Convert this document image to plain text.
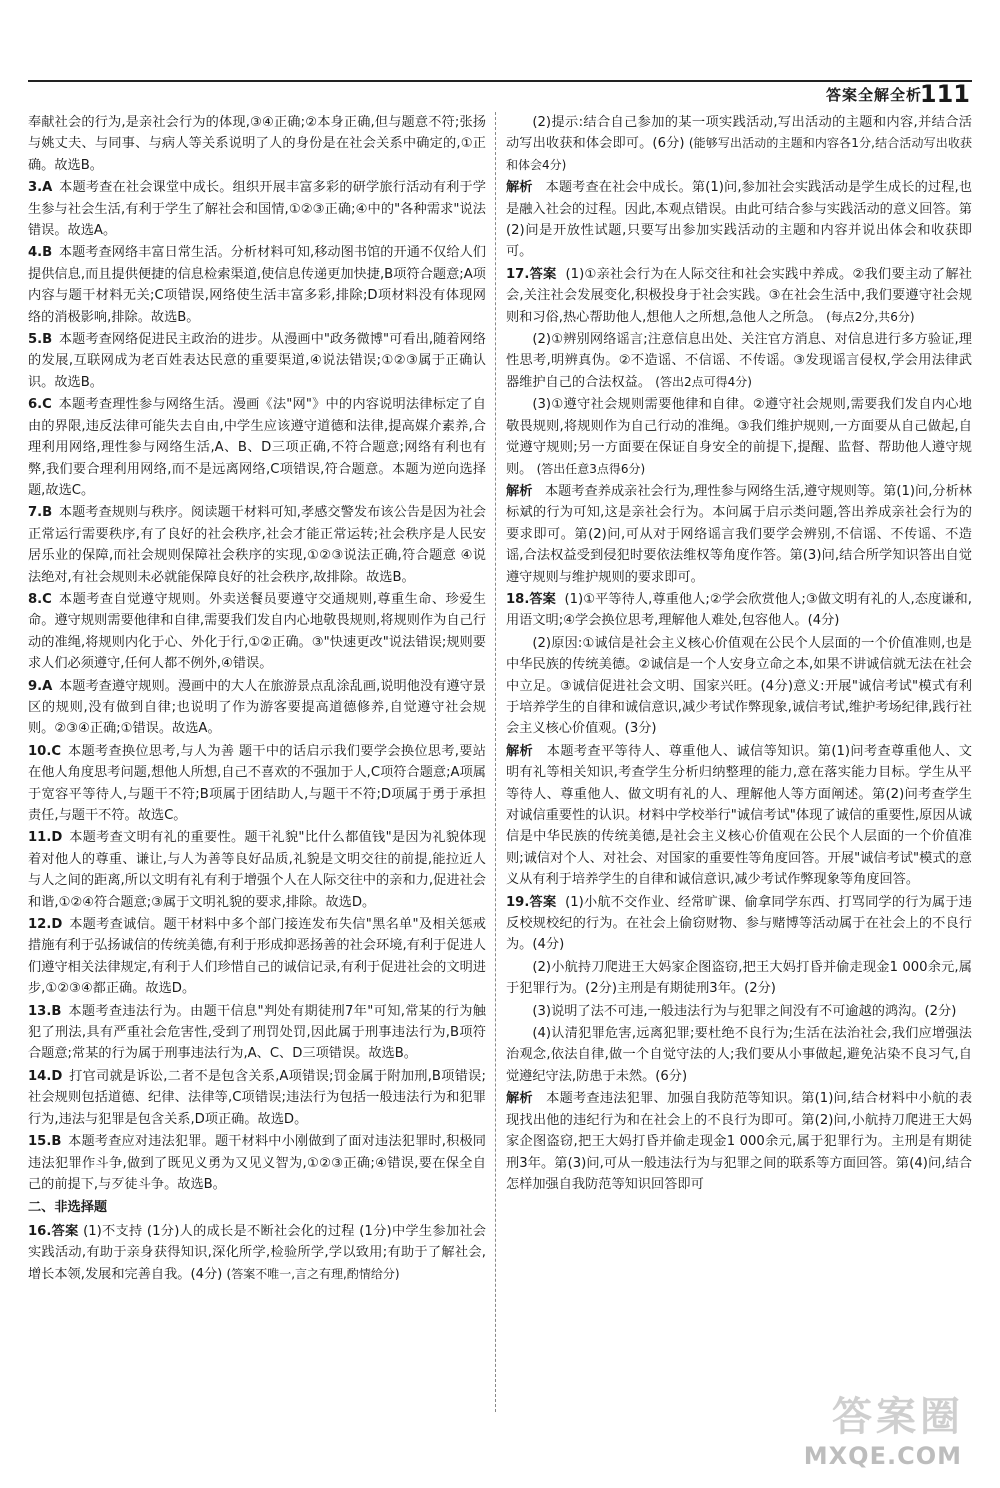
答案全解全析
111

奉献社会的行为,是亲社会行为的体现,③④正确;②本身正确,但与题意不符;张扬与姚丈夫、与同事、与病人等关系说明了人的身份是在社会关系中确定的,①正确。故选B。

3.A  本题考查在社会课堂中成长。组织开展丰富多彩的研学旅行活动有利于学生参与社会生活,有利于学生了解社会和国情,①②③正确;④中的"各种需求"说法错误。故选A。

4.B  本题考查网络丰富日常生活。分析材料可知,移动图书馆的开通不仅给人们提供信息,而且提供便捷的信息检索渠道,使信息传递更加快捷,B项符合题意;A项内容与题干材料无关;C项错误,网络使生活丰富多彩,排除;D项材料没有体现网络的消极影响,排除。故选B。

5.B  本题考查网络促进民主政治的进步。从漫画中"政务微博"可看出,随着网络的发展,互联网成为老百姓表达民意的重要渠道,④说法错误;①②③属于正确认识。故选B。

6.C  本题考查理性参与网络生活。漫画《法"网"》中的内容说明法律标定了自由的界限,违反法律可能失去自由,中学生应该遵守道德和法律,提高媒介素养,合理利用网络,理性参与网络生活,A、B、D三项正确,不符合题意;网络有利也有弊,我们要合理利用网络,而不是远离网络,C项错误,符合题意。本题为逆向选择题,故选C。

7.B  本题考查规则与秩序。阅读题干材料可知,孝感交警发布该公告是因为社会正常运行需要秩序,有了良好的社会秩序,社会才能正常运转;社会秩序是人民安居乐业的保障,而社会规则保障社会秩序的实现,①②③说法正确,符合题意 ④说法绝对,有社会规则未必就能保障良好的社会秩序,故排除。故选B。

8.C  本题考查自觉遵守规则。外卖送餐员要遵守交通规则,尊重生命、珍爱生命。遵守规则需要他律和自律,需要我们发自内心地敬畏规则,将规则作为自己行动的准绳,将规则内化于心、外化于行,①②正确。③"快速更改"说法错误;规则要求人们必须遵守,任何人都不例外,④错误。

9.A  本题考查遵守规则。漫画中的大人在旅游景点乱涂乱画,说明他没有遵守景区的规则,没有做到自律;也说明了作为游客要提高道德修养,自觉遵守社会规则。②③④正确;①错误。故选A。

10.C  本题考查换位思考,与人为善 题干中的话启示我们要学会换位思考,要站在他人角度思考问题,想他人所想,自己不喜欢的不强加于人,C项符合题意;A项属于宽容平等待人,与题干不符;B项属于团结助人,与题干不符;D项属于勇于承担责任,与题干不符。故选C。

11.D  本题考查文明有礼的重要性。题干礼貌"比什么都值钱"是因为礼貌体现着对他人的尊重、谦让,与人为善等良好品质,礼貌是文明交往的前提,能拉近人与人之间的距离,所以文明有礼有利于增强个人在人际交往中的亲和力,促进社会和谐,①②④符合题意;③属于文明礼貌的要求,排除。故选D。

12.D  本题考查诚信。题干材料中多个部门接连发布失信"黑名单"及相关惩戒措施有利于弘扬诚信的传统美德,有利于形成抑恶扬善的社会环境,有利于促进人们遵守相关法律规定,有利于人们珍惜自己的诚信记录,有利于促进社会的文明进步,①②③④都正确。故选D。

13.B  本题考查违法行为。由题干信息"判处有期徒刑7年"可知,常某的行为触犯了刑法,具有严重社会危害性,受到了刑罚处罚,因此属于刑事违法行为,B项符合题意;常某的行为属于刑事违法行为,A、C、D三项错误。故选B。

14.D  打官司就是诉讼,二者不是包含关系,A项错误;罚金属于附加刑,B项错误;社会规则包括道德、纪律、法律等,C项错误;违法行为包括一般违法行为和犯罪行为,违法与犯罪是包含关系,D项正确。故选D。

15.B  本题考查应对违法犯罪。题干材料中小刚做到了面对违法犯罪时,积极同违法犯罪作斗争,做到了既见义勇为又见义智为,①②③正确;④错误,要在保全自己的前提下,与歹徒斗争。故选B。

二、非选择题

16.答案 (1)不支持 (1分)人的成长是不断社会化的过程 (1分)中学生参加社会实践活动,有助于亲身获得知识,深化所学,检验所学,学以致用;有助于了解社会,增长本领,发展和完善自我。(4分) (答案不唯一,言之有理,酌情给分)

(2)提示:结合自己参加的某一项实践活动,写出活动的主题和内容,并结合活动写出收获和体会即可。(6分) (能够写出活动的主题和内容各1分,结合活动写出收获和体会4分)

解析 本题考查在社会中成长。第(1)问,参加社会实践活动是学生成长的过程,也是融入社会的过程。因此,本观点错误。由此可结合参与实践活动的意义回答。第(2)问是开放性试题,只要写出参加实践活动的主题和内容并说出体会和收获即可。

17.答案 (1)①亲社会行为在人际交往和社会实践中养成。②我们要主动了解社会,关注社会发展变化,积极投身于社会实践。③在社会生活中,我们要遵守社会规则和习俗,热心帮助他人,想他人之所想,急他人之所急。 (每点2分,共6分)

(2)①辨别网络谣言;注意信息出处、关注官方消息、对信息进行多方验证,理性思考,明辨真伪。②不造谣、不信谣、不传谣。③发现谣言侵权,学会用法律武器维护自己的合法权益。 (答出2点可得4分)

(3)①遵守社会规则需要他律和自律。②遵守社会规则,需要我们发自内心地敬畏规则,将规则作为自己行动的准绳。③我们维护规则,一方面要从自己做起,自觉遵守规则;另一方面要在保证自身安全的前提下,提醒、监督、帮助他人遵守规则。 (答出任意3点得6分)

解析 本题考查养成亲社会行为,理性参与网络生活,遵守规则等。第(1)问,分析林标斌的行为可知,这是亲社会行为。本问属于启示类问题,答出养成亲社会行为的要求即可。第(2)问,可从对于网络谣言我们要学会辨别,不信谣、不传谣、不造谣,合法权益受到侵犯时要依法维权等角度作答。第(3)问,结合所学知识答出自觉遵守规则与维护规则的要求即可。

18.答案 (1)①平等待人,尊重他人;②学会欣赏他人;③做文明有礼的人,态度谦和,用语文明;④学会换位思考,理解他人难处,包容他人。(4分)

(2)原因:①诚信是社会主义核心价值观在公民个人层面的一个价值准则,也是中华民族的传统美德。②诚信是一个人安身立命之本,如果不讲诚信就无法在社会中立足。③诚信促进社会文明、国家兴旺。(4分)意义:开展"诚信考试"模式有利于培养学生的自律和诚信意识,减少考试作弊现象,诚信考试,维护考场纪律,践行社会主义核心价值观。(3分)

解析 本题考查平等待人、尊重他人、诚信等知识。第(1)问考查尊重他人、文明有礼等相关知识,考查学生分析归纳整理的能力,意在落实能力目标。学生从平等待人、尊重他人、做文明有礼的人、理解他人等方面阐述。第(2)问考查学生对诚信重要性的认识。材料中学校举行"诚信考试"体现了诚信的重要性,原因从诚信是中华民族的传统美德,是社会主义核心价值观在公民个人层面的一个价值准则;诚信对个人、对社会、对国家的重要性等角度回答。开展"诚信考试"模式的意义从有利于培养学生的自律和诚信意识,减少考试作弊现象等角度回答。

19.答案 (1)小航不交作业、经常旷课、偷拿同学东西、打骂同学的行为属于违反校规校纪的行为。在社会上偷窃财物、参与赌博等活动属于在社会上的不良行为。(4分)

(2)小航持刀爬进王大妈家企图盗窃,把王大妈打昏并偷走现金1 000余元,属于犯罪行为。(2分)主刑是有期徒刑3年。(2分)

(3)说明了法不可违,一般违法行为与犯罪之间没有不可逾越的鸿沟。(2分)

(4)认清犯罪危害,远离犯罪;要杜绝不良行为;生活在法治社会,我们应增强法治观念,依法自律,做一个自觉守法的人;我们要从小事做起,避免沾染不良习气,自觉遵纪守法,防患于未然。(6分)

解析 本题考查违法犯罪、加强自我防范等知识。第(1)问,结合材料中小航的表现找出他的违纪行为和在社会上的不良行为即可。第(2)问,小航持刀爬进王大妈家企图盗窃,把王大妈打昏并偷走现金1 000余元,属于犯罪行为。主刑是有期徒刑3年。第(3)问,可从一般违法行为与犯罪之间的联系等方面回答。第(4)问,结合怎样加强自我防范等知识回答即可

答案圈
MXQE.COM
